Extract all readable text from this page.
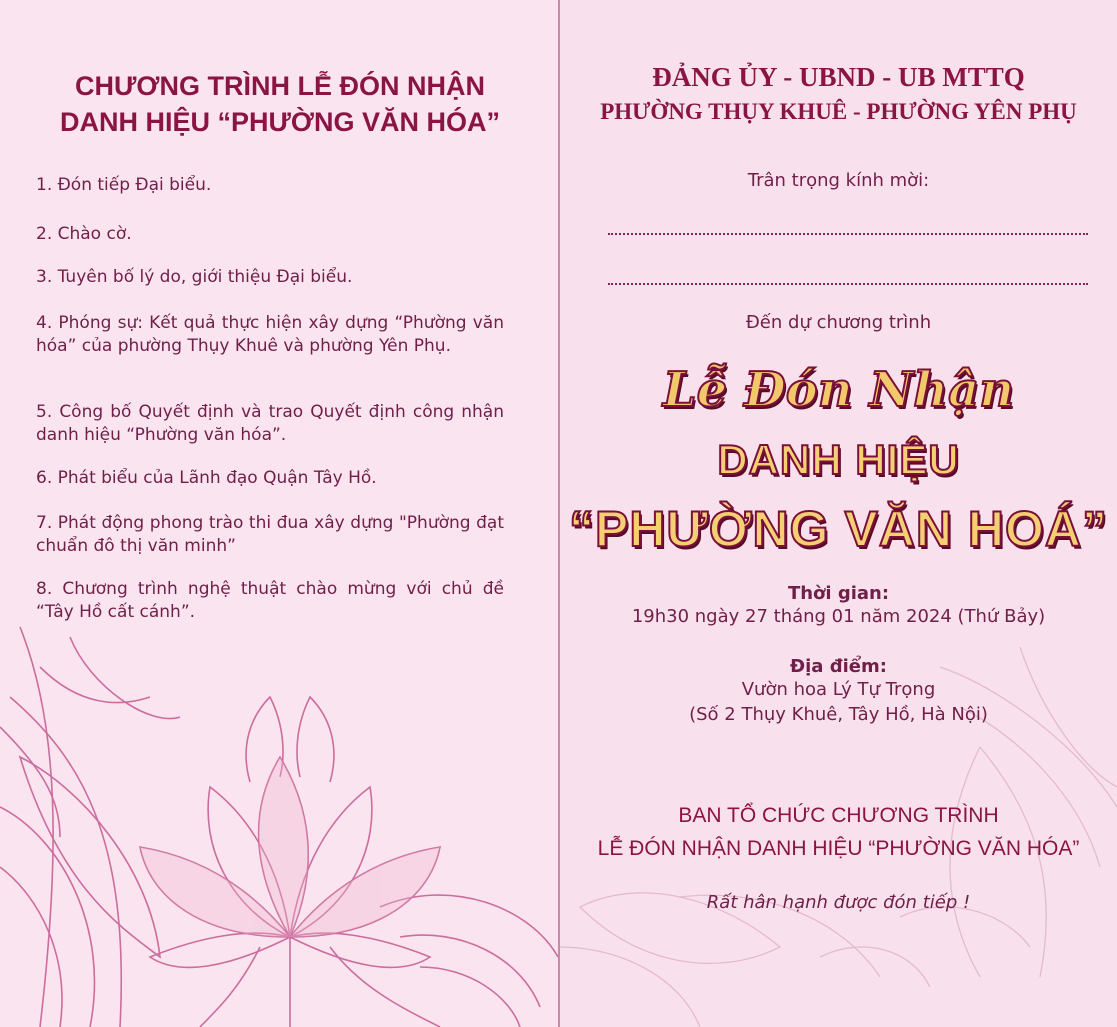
CHƯƠNG TRÌNH LỄ ĐÓN NHẬN
DANH HIỆU “PHƯỜNG VĂN HÓA”
1. Đón tiếp Đại biểu.
2. Chào cờ.
3. Tuyên bố lý do, giới thiệu Đại biểu.
4. Phóng sự: Kết quả thực hiện xây dựng “Phường văn hóa” của phường Thụy Khuê và phường Yên Phụ.
5. Công bố Quyết định và trao Quyết định công nhận danh hiệu “Phường văn hóa”.
6. Phát biểu của Lãnh đạo Quận Tây Hồ.
7. Phát động phong trào thi đua xây dựng "Phường đạt chuẩn đô thị văn minh”
8. Chương trình nghệ thuật chào mừng với chủ đề “Tây Hồ cất cánh”.
ĐẢNG ỦY - UBND - UB MTTQ
PHƯỜNG THỤY KHUÊ - PHƯỜNG YÊN PHỤ
Trân trọng kính mời:
Đến dự chương trình
Lễ Đón Nhận
DANH HIỆU
“PHƯỜNG VĂN HOÁ”
Thời gian:
19h30 ngày 27 tháng 01 năm 2024 (Thứ Bảy)
Địa điểm:
Vườn hoa Lý Tự Trọng
(Số 2 Thụy Khuê, Tây Hồ, Hà Nội)
BAN TỔ CHỨC CHƯƠNG TRÌNH
LỄ ĐÓN NHẬN DANH HIỆU “PHƯỜNG VĂN HÓA”
Rất hân hạnh được đón tiếp !
